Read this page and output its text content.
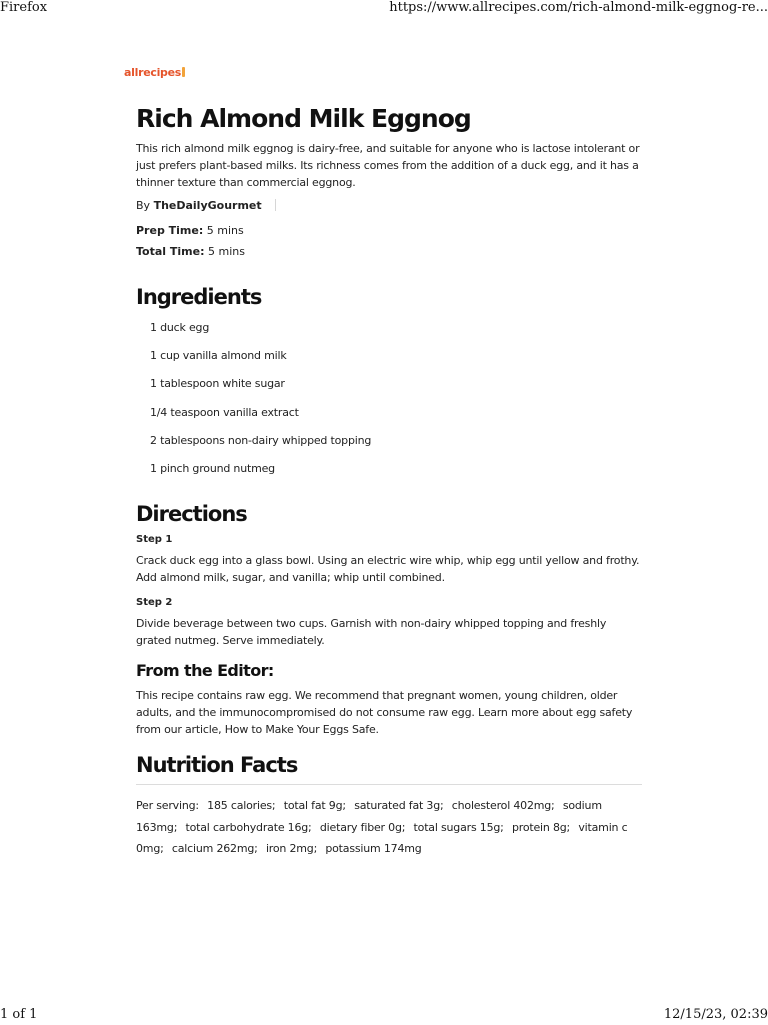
Firefox	https://www.allrecipes.com/rich-almond-milk-eggnog-re...
allrecipes
Rich Almond Milk Eggnog

This rich almond milk eggnog is dairy-free, and suitable for anyone who is lactose intolerant or just prefers plant-based milks. Its richness comes from the addition of a duck egg, and it has a thinner texture than commercial eggnog.

By TheDailyGourmet
Prep Time: 5 mins
Total Time: 5 mins
Ingredients
1 duck egg
1 cup vanilla almond milk
1 tablespoon white sugar
1/4 teaspoon vanilla extract
2 tablespoons non-dairy whipped topping
1 pinch ground nutmeg
Directions
Step 1

Crack duck egg into a glass bowl. Using an electric wire whip, whip egg until yellow and frothy. Add almond milk, sugar, and vanilla; whip until combined.

Step 2

Divide beverage between two cups. Garnish with non-dairy whipped topping and freshly grated nutmeg. Serve immediately.

From the Editor:

This recipe contains raw egg. We recommend that pregnant women, young children, older adults, and the immunocompromised do not consume raw egg. Learn more about egg safety from our article, How to Make Your Eggs Safe.

Nutrition Facts
Per serving: 185 calories; total fat 9g; saturated fat 3g; cholesterol 402mg; sodium 163mg; total carbohydrate 16g; dietary fiber 0g; total sugars 15g; protein 8g; vitamin c 0mg; calcium 262mg; iron 2mg; potassium 174mg
1 of 1	12/15/23, 02:39
